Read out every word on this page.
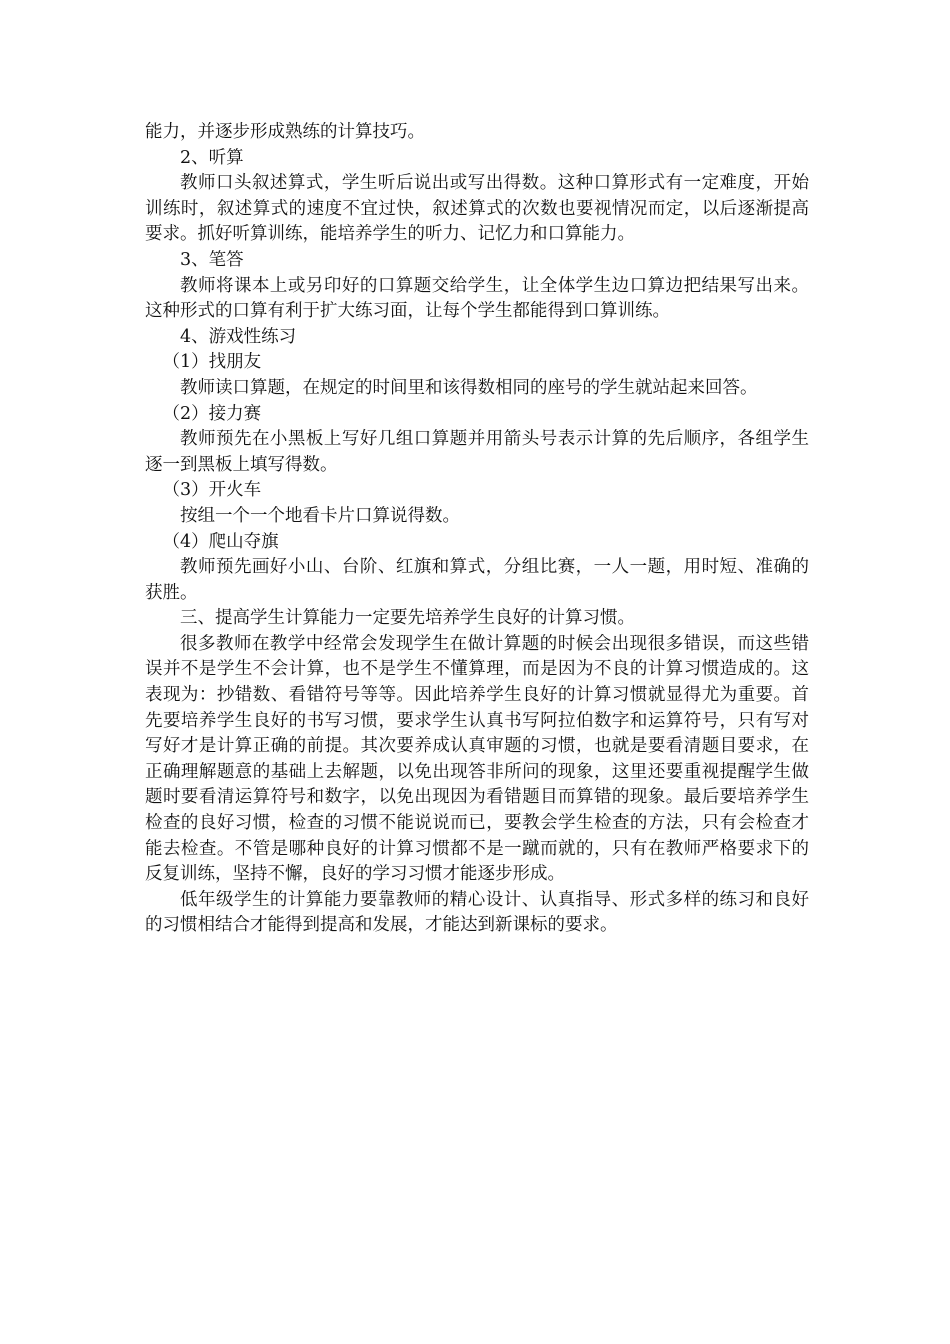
能力，并逐步形成熟练的计算技巧。

2、听算

教师口头叙述算式，学生听后说出或写出得数。这种口算形式有一定难度，开始训练时，叙述算式的速度不宜过快，叙述算式的次数也要视情况而定，以后逐渐提高要求。抓好听算训练，能培养学生的听力、记忆力和口算能力。

3、笔答

教师将课本上或另印好的口算题交给学生，让全体学生边口算边把结果写出来。这种形式的口算有利于扩大练习面，让每个学生都能得到口算训练。

4、游戏性练习

（1）找朋友

教师读口算题，在规定的时间里和该得数相同的座号的学生就站起来回答。

（2）接力赛

教师预先在小黑板上写好几组口算题并用箭头号表示计算的先后顺序，各组学生逐一到黑板上填写得数。

（3）开火车

按组一个一个地看卡片口算说得数。

（4）爬山夺旗

教师预先画好小山、台阶、红旗和算式，分组比赛，一人一题，用时短、准确的获胜。

三、提高学生计算能力一定要先培养学生良好的计算习惯。

很多教师在教学中经常会发现学生在做计算题的时候会出现很多错误，而这些错误并不是学生不会计算，也不是学生不懂算理，而是因为不良的计算习惯造成的。这表现为：抄错数、看错符号等等。因此培养学生良好的计算习惯就显得尤为重要。首先要培养学生良好的书写习惯，要求学生认真书写阿拉伯数字和运算符号，只有写对写好才是计算正确的前提。其次要养成认真审题的习惯，也就是要看清题目要求，在正确理解题意的基础上去解题，以免出现答非所问的现象，这里还要重视提醒学生做题时要看清运算符号和数字，以免出现因为看错题目而算错的现象。最后要培养学生检查的良好习惯，检查的习惯不能说说而已，要教会学生检查的方法，只有会检查才能去检查。不管是哪种良好的计算习惯都不是一蹴而就的，只有在教师严格要求下的反复训练，坚持不懈，良好的学习习惯才能逐步形成。

低年级学生的计算能力要靠教师的精心设计、认真指导、形式多样的练习和良好的习惯相结合才能得到提高和发展，才能达到新课标的要求。
